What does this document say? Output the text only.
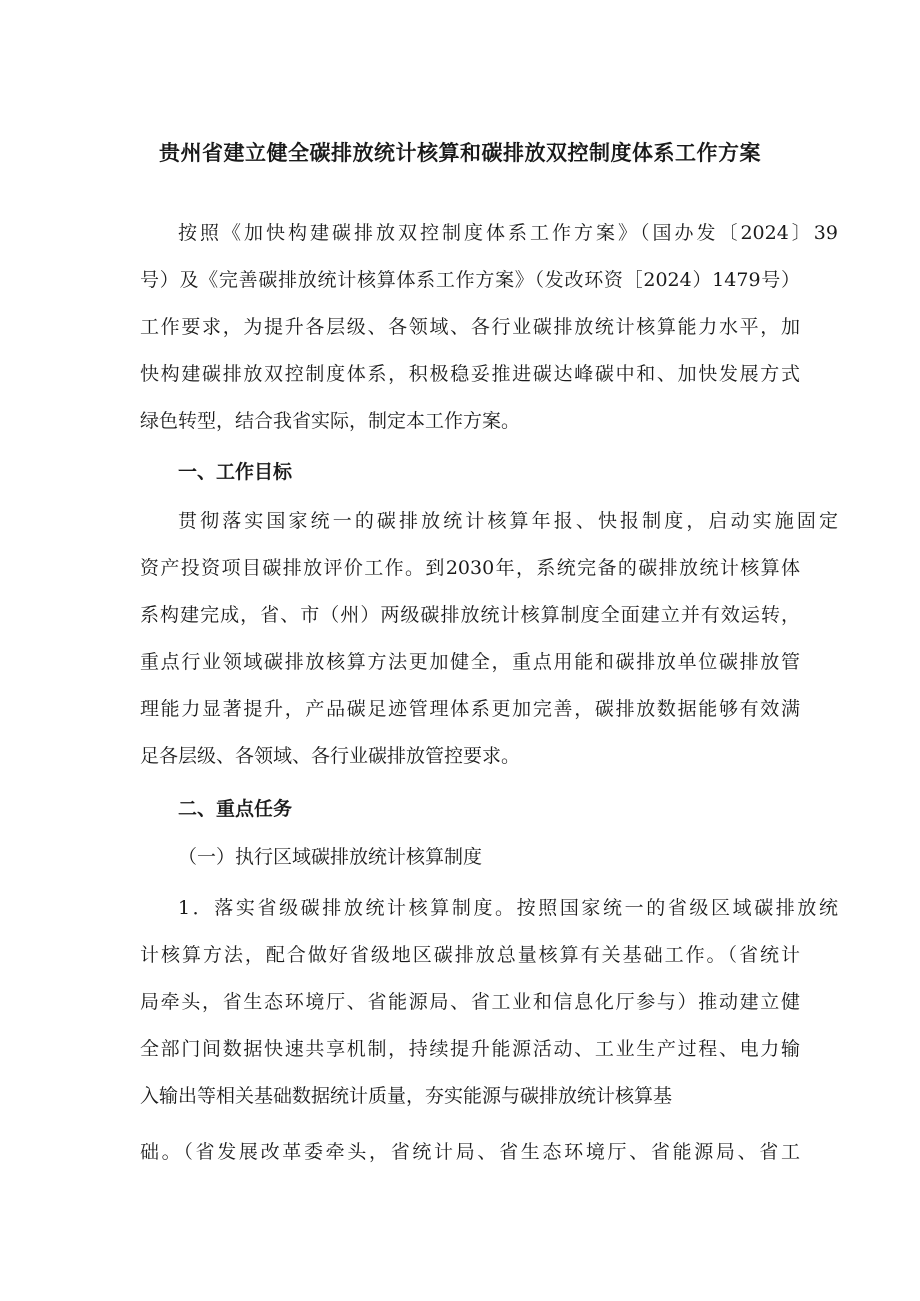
贵州省建立健全碳排放统计核算和碳排放双控制度体系工作方案
按照《加快构建碳排放双控制度体系工作方案》（国办发〔2024〕39
号）及《完善碳排放统计核算体系工作方案》（发改环资［2024）1479号）
工作要求，为提升各层级、各领域、各行业碳排放统计核算能力水平，加
快构建碳排放双控制度体系，积极稳妥推进碳达峰碳中和、加快发展方式
绿色转型，结合我省实际，制定本工作方案。
一、工作目标
贯彻落实国家统一的碳排放统计核算年报、快报制度，启动实施固定
资产投资项目碳排放评价工作。到2030年，系统完备的碳排放统计核算体
系构建完成，省、市（州）两级碳排放统计核算制度全面建立并有效运转，
重点行业领域碳排放核算方法更加健全，重点用能和碳排放单位碳排放管
理能力显著提升，产品碳足迹管理体系更加完善，碳排放数据能够有效满
足各层级、各领域、各行业碳排放管控要求。
二、重点任务
（一）执行区域碳排放统计核算制度
1．落实省级碳排放统计核算制度。按照国家统一的省级区域碳排放统
计核算方法，配合做好省级地区碳排放总量核算有关基础工作。（省统计
局牵头，省生态环境厅、省能源局、省工业和信息化厅参与）推动建立健
全部门间数据快速共享机制，持续提升能源活动、工业生产过程、电力输
入输出等相关基础数据统计质量，夯实能源与碳排放统计核算基
础。（省发展改革委牵头，省统计局、省生态环境厅、省能源局、省工
